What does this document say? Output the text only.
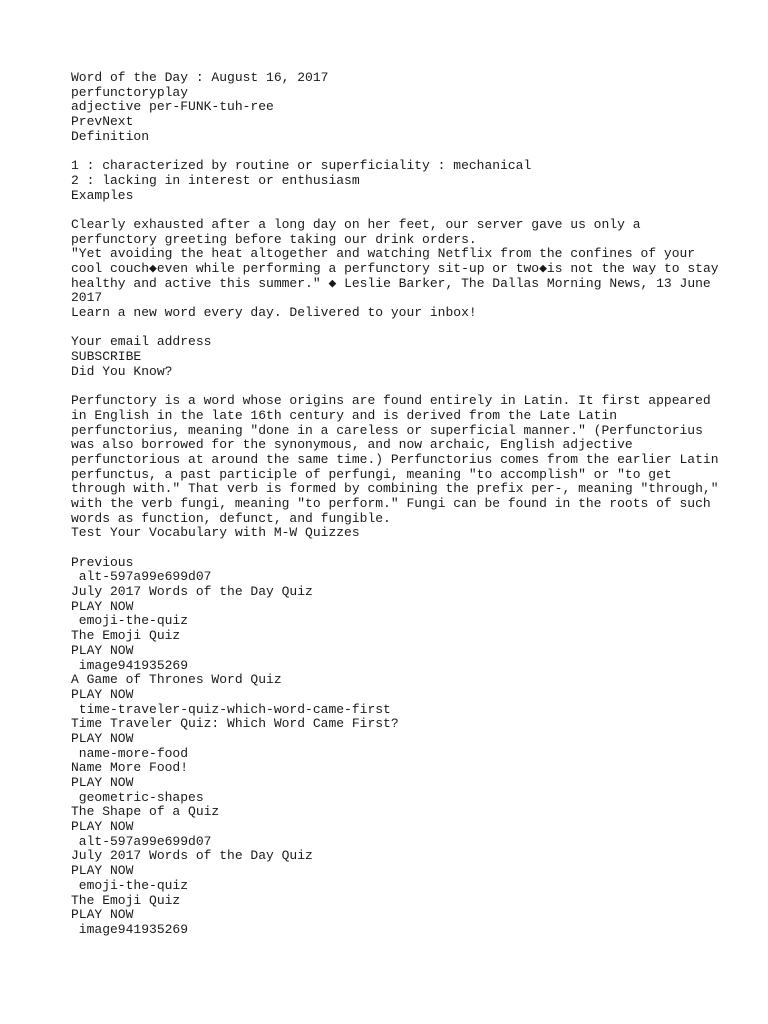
Word of the Day : August 16, 2017
perfunctoryplay
adjective per-FUNK-tuh-ree
PrevNext
Definition
1 : characterized by routine or superficiality : mechanical
2 : lacking in interest or enthusiasm
Examples
Clearly exhausted after a long day on her feet, our server gave us only a
perfunctory greeting before taking our drink orders.
"Yet avoiding the heat altogether and watching Netflix from the confines of your
cool couch◆even while performing a perfunctory sit-up or two◆is not the way to stay
healthy and active this summer." ◆ Leslie Barker, The Dallas Morning News, 13 June
2017
Learn a new word every day. Delivered to your inbox!
Your email address
SUBSCRIBE
Did You Know?
Perfunctory is a word whose origins are found entirely in Latin. It first appeared
in English in the late 16th century and is derived from the Late Latin
perfunctorius, meaning "done in a careless or superficial manner." (Perfunctorius
was also borrowed for the synonymous, and now archaic, English adjective
perfunctorious at around the same time.) Perfunctorius comes from the earlier Latin
perfunctus, a past participle of perfungi, meaning "to accomplish" or "to get
through with." That verb is formed by combining the prefix per-, meaning "through,"
with the verb fungi, meaning "to perform." Fungi can be found in the roots of such
words as function, defunct, and fungible.
Test Your Vocabulary with M-W Quizzes
Previous
alt-597a99e699d07
July 2017 Words of the Day Quiz
PLAY NOW
emoji-the-quiz
The Emoji Quiz
PLAY NOW
image941935269
A Game of Thrones Word Quiz
PLAY NOW
time-traveler-quiz-which-word-came-first
Time Traveler Quiz: Which Word Came First?
PLAY NOW
name-more-food
Name More Food!
PLAY NOW
geometric-shapes
The Shape of a Quiz
PLAY NOW
alt-597a99e699d07
July 2017 Words of the Day Quiz
PLAY NOW
emoji-the-quiz
The Emoji Quiz
PLAY NOW
image941935269
